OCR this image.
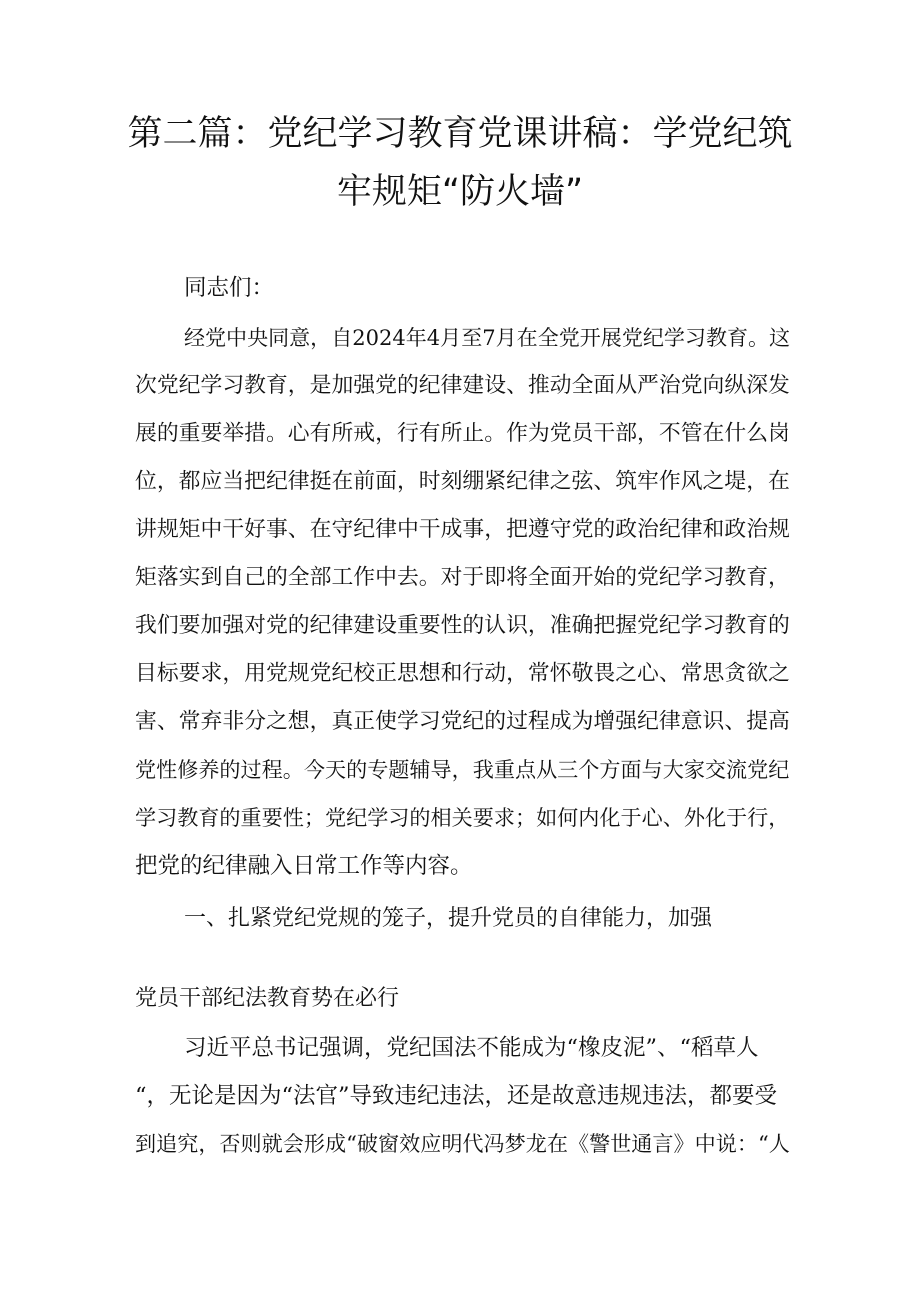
第二篇：党纪学习教育党课讲稿：学党纪筑
牢规矩“防火墙”
同志们：
经党中央同意，自2024年4月至7月在全党开展党纪学习教育。这
次党纪学习教育，是加强党的纪律建设、推动全面从严治党向纵深发
展的重要举措。心有所戒，行有所止。作为党员干部，不管在什么岗
位，都应当把纪律挺在前面，时刻绷紧纪律之弦、筑牢作风之堤，在
讲规矩中干好事、在守纪律中干成事，把遵守党的政治纪律和政治规
矩落实到自己的全部工作中去。对于即将全面开始的党纪学习教育，
我们要加强对党的纪律建设重要性的认识，准确把握党纪学习教育的
目标要求，用党规党纪校正思想和行动，常怀敬畏之心、常思贪欲之
害、常弃非分之想，真正使学习党纪的过程成为增强纪律意识、提高
党性修养的过程。今天的专题辅导，我重点从三个方面与大家交流党纪
学习教育的重要性；党纪学习的相关要求；如何内化于心、外化于行，
把党的纪律融入日常工作等内容。
一、扎紧党纪党规的笼子，提升党员的自律能力，加强
党员干部纪法教育势在必行
习近平总书记强调，党纪国法不能成为“橡皮泥”、“稻草人
“，无论是因为“法官”导致违纪违法，还是故意违规违法，都要受
到追究，否则就会形成“破窗效应明代冯梦龙在《警世通言》中说：“人
